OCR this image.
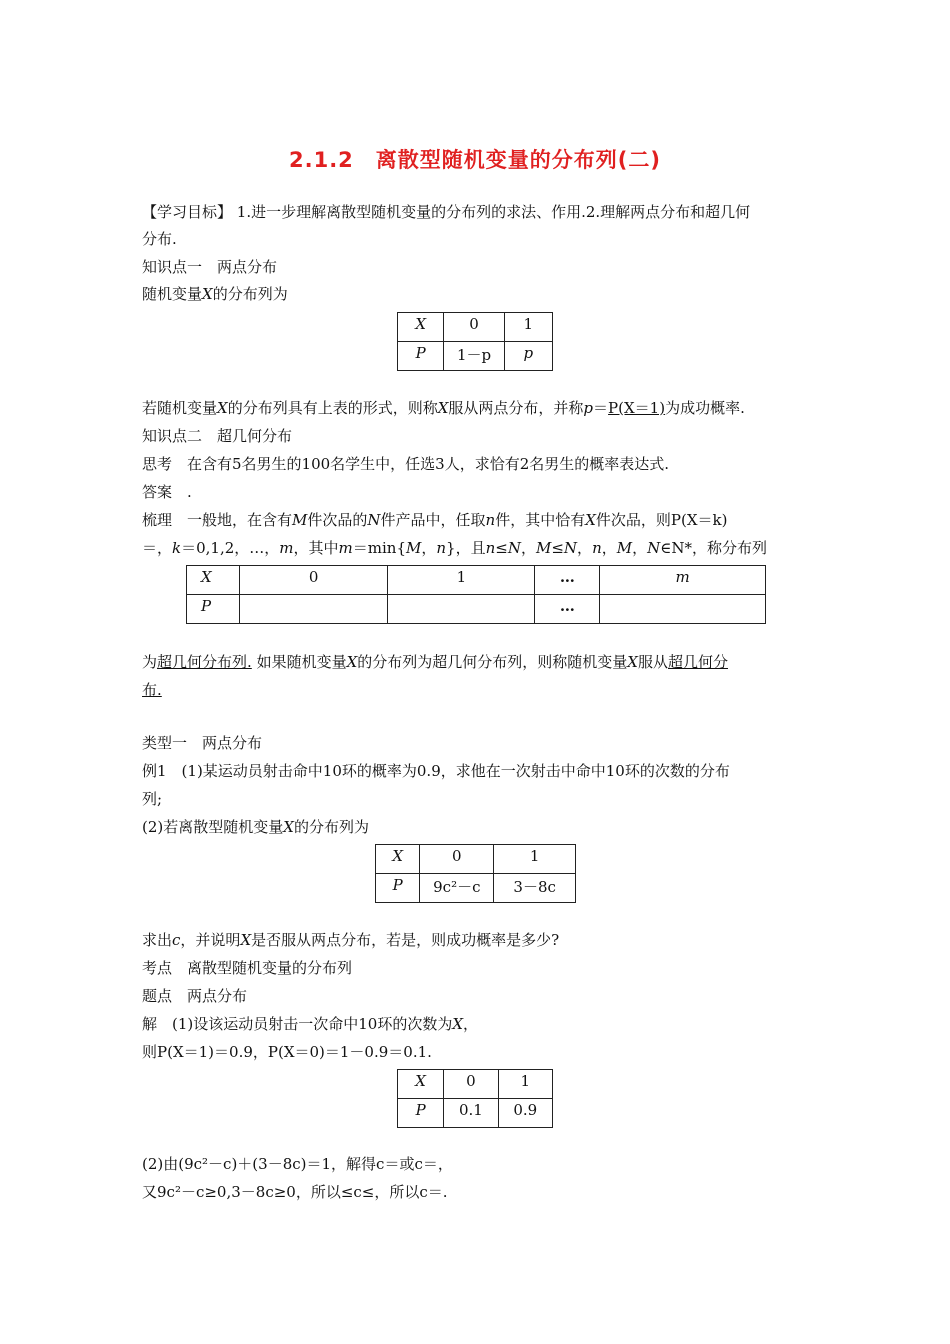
2.1.2　离散型随机变量的分布列(二)
【学习目标】 1.进一步理解离散型随机变量的分布列的求法、作用.2.理解两点分布和超几何
分布.
知识点一　两点分布
随机变量X的分布列为
X	0	1
P	1－p	p
若随机变量X的分布列具有上表的形式，则称X服从两点分布，并称p＝P(X＝1)为成功概率.
知识点二　超几何分布
思考　在含有5名男生的100名学生中，任选3人，求恰有2名男生的概率表达式.
答案　.
梳理　一般地，在含有M件次品的N件产品中，任取n件，其中恰有X件次品，则P(X＝k)
＝，k＝0,1,2，…，m，其中m＝min{M，n}，且n≤N，M≤N，n，M，N∈N*，称分布列
X	0	1	…	m
P			…	
为超几何分布列. 如果随机变量X的分布列为超几何分布列，则称随机变量X服从超几何分
布.
类型一　两点分布
例1　(1)某运动员射击命中10环的概率为0.9，求他在一次射击中命中10环的次数的分布
列;
(2)若离散型随机变量X的分布列为
X	0	1
P	9c²－c	3－8c
求出c，并说明X是否服从两点分布，若是，则成功概率是多少?
考点　离散型随机变量的分布列
题点　两点分布
解　(1)设该运动员射击一次命中10环的次数为X，
则P(X＝1)＝0.9，P(X＝0)＝1－0.9＝0.1.
X	0	1
P	0.1	0.9
(2)由(9c²－c)＋(3－8c)＝1，解得c＝或c＝，
又9c²－c≥0,3－8c≥0，所以≤c≤，所以c＝.
